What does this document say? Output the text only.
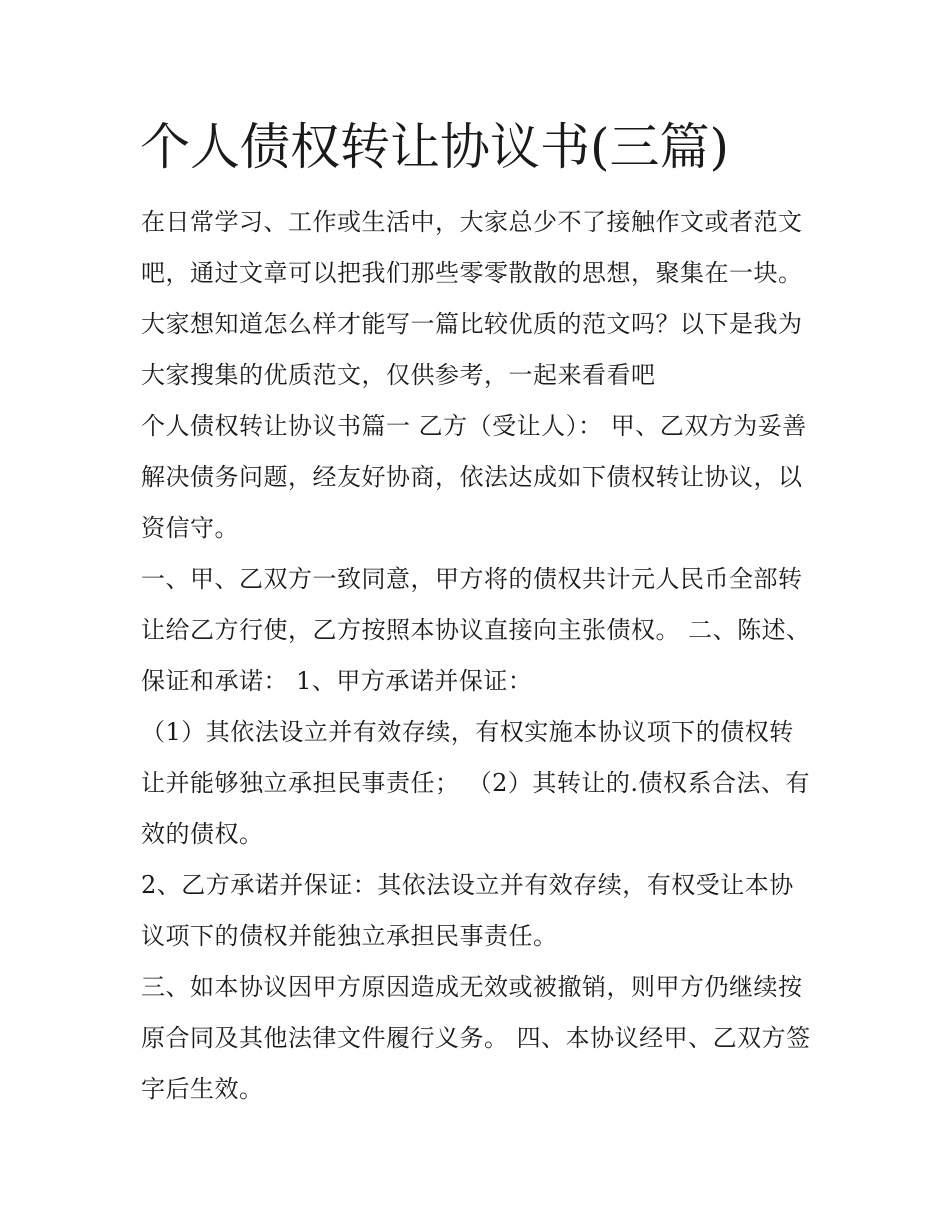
个人债权转让协议书(三篇)

在日常学习、工作或生活中，大家总少不了接触作文或者范文吧，通过文章可以把我们那些零零散散的思想，聚集在一块。大家想知道怎么样才能写一篇比较优质的范文吗？以下是我为大家搜集的优质范文，仅供参考，一起来看看吧

个人债权转让协议书篇一 乙方（受让人）： 甲、乙双方为妥善解决债务问题，经友好协商，依法达成如下债权转让协议，以资信守。

一、甲、乙双方一致同意，甲方将的债权共计元人民币全部转让给乙方行使，乙方按照本协议直接向主张债权。 二、陈述、保证和承诺： 1、甲方承诺并保证：

（1）其依法设立并有效存续，有权实施本协议项下的债权转让并能够独立承担民事责任； （2）其转让的.债权系合法、有效的债权。

2、乙方承诺并保证：其依法设立并有效存续，有权受让本协议项下的债权并能独立承担民事责任。

三、如本协议因甲方原因造成无效或被撤销，则甲方仍继续按原合同及其他法律文件履行义务。 四、本协议经甲、乙双方签字后生效。
